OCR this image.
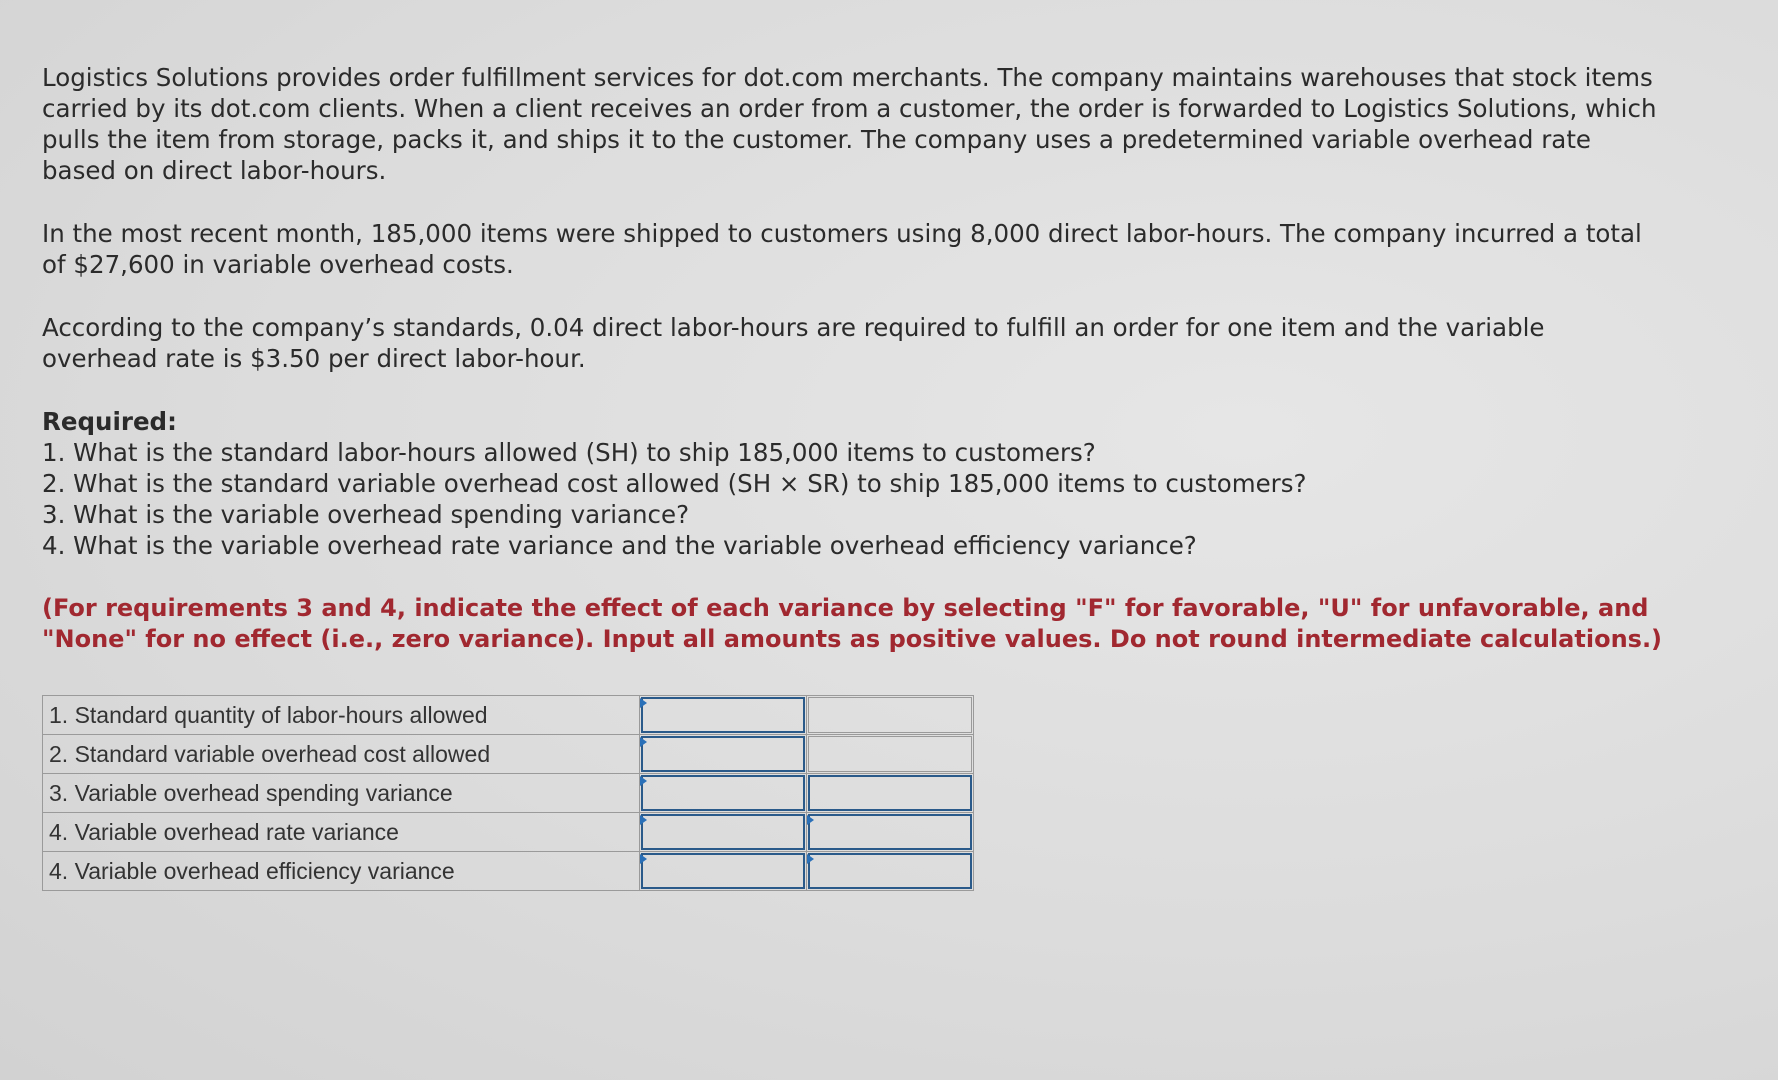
Logistics Solutions provides order fulfillment services for dot.com merchants. The company maintains warehouses that stock items carried by its dot.com clients. When a client receives an order from a customer, the order is forwarded to Logistics Solutions, which pulls the item from storage, packs it, and ships it to the customer. The company uses a predetermined variable overhead rate based on direct labor-hours.

In the most recent month, 185,000 items were shipped to customers using 8,000 direct labor-hours. The company incurred a total of $27,600 in variable overhead costs.

According to the company’s standards, 0.04 direct labor-hours are required to fulfill an order for one item and the variable overhead rate is $3.50 per direct labor-hour.

Required:

1. What is the standard labor-hours allowed (SH) to ship 185,000 items to customers?
2. What is the standard variable overhead cost allowed (SH × SR) to ship 185,000 items to customers?
3. What is the variable overhead spending variance?
4. What is the variable overhead rate variance and the variable overhead efficiency variance?

(For requirements 3 and 4, indicate the effect of each variance by selecting "F" for favorable, "U" for unfavorable, and "None" for no effect (i.e., zero variance). Input all amounts as positive values. Do not round intermediate calculations.)

1. Standard quantity of labor-hours allowed	

2. Standard variable overhead cost allowed	

3. Variable overhead spending variance	

4. Variable overhead rate variance	

4. Variable overhead efficiency variance	
